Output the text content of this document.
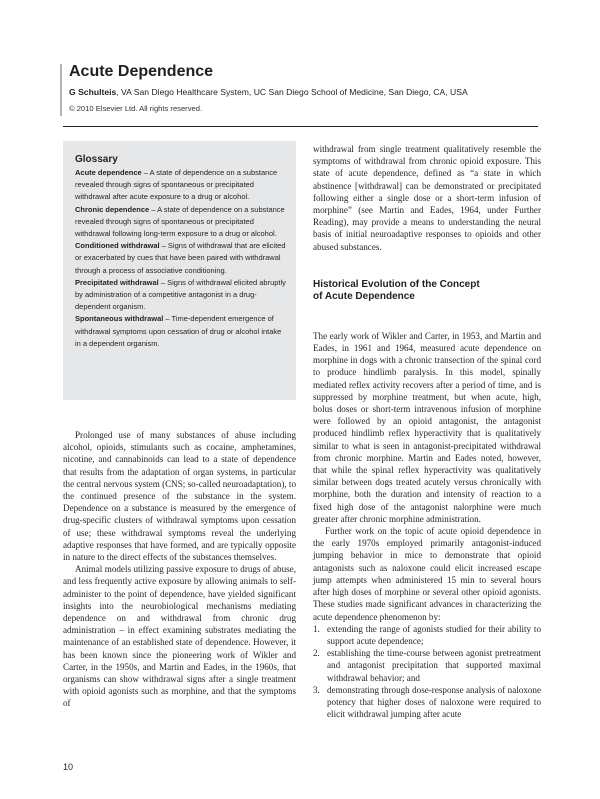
Acute Dependence
G Schulteis, VA San Diego Healthcare System, UC San Diego School of Medicine, San Diego, CA, USA
© 2010 Elsevier Ltd. All rights reserved.
Glossary

Acute dependence – A state of dependence on a substance revealed through signs of spontaneous or precipitated withdrawal after acute exposure to a drug or alcohol.

Chronic dependence – A state of dependence on a substance revealed through signs of spontaneous or precipitated withdrawal following long-term exposure to a drug or alcohol.

Conditioned withdrawal – Signs of withdrawal that are elicited or exacerbated by cues that have been paired with withdrawal through a process of associative conditioning.

Precipitated withdrawal – Signs of withdrawal elicited abruptly by administration of a competitive antagonist in a drug-dependent organism.

Spontaneous withdrawal – Time-dependent emergence of withdrawal symptoms upon cessation of drug or alcohol intake in a dependent organism.

Prolonged use of many substances of abuse including alcohol, opioids, stimulants such as cocaine, amphetamines, nicotine, and cannabinoids can lead to a state of dependence that results from the adaptation of organ systems, in particular the central nervous system (CNS; so-called neuroadaptation), to the continued presence of the substance in the system. Dependence on a substance is measured by the emergence of drug-specific clusters of withdrawal symptoms upon cessation of use; these withdrawal symptoms reveal the underlying adaptive responses that have formed, and are typically opposite in nature to the direct effects of the substances themselves.

Animal models utilizing passive exposure to drugs of abuse, and less frequently active exposure by allowing animals to self-administer to the point of dependence, have yielded significant insights into the neurobiological mechanisms mediating dependence on and withdrawal from chronic drug administration – in effect examining substrates mediating the maintenance of an established state of dependence. However, it has been known since the pioneering work of Wikler and Carter, in the 1950s, and Martin and Eades, in the 1960s, that organisms can show withdrawal signs after a single treatment with opioid agonists such as morphine, and that the symptoms of

withdrawal from single treatment qualitatively resemble the symptoms of withdrawal from chronic opioid exposure. This state of acute dependence, defined as “a state in which abstinence [withdrawal] can be demonstrated or precipitated following either a single dose or a short-term infusion of morphine” (see Martin and Eades, 1964, under Further Reading), may provide a means to understanding the neural basis of initial neuroadaptive responses to opioids and other abused substances.

Historical Evolution of the Concept
of Acute Dependence

The early work of Wikler and Carter, in 1953, and Martin and Eades, in 1961 and 1964, measured acute dependence on morphine in dogs with a chronic transection of the spinal cord to produce hindlimb paralysis. In this model, spinally mediated reflex activity recovers after a period of time, and is suppressed by morphine treatment, but when acute, high, bolus doses or short-term intravenous infusion of morphine were followed by an opioid antagonist, the antagonist produced hindlimb reflex hyperactivity that is qualitatively similar to what is seen in antagonist-precipitated withdrawal from chronic morphine. Martin and Eades noted, however, that while the spinal reflex hyperactivity was qualitatively similar between dogs treated acutely versus chronically with morphine, both the duration and intensity of reaction to a fixed high dose of the antagonist nalorphine were much greater after chronic morphine administration.

Further work on the topic of acute opioid dependence in the early 1970s employed primarily antagonist-induced jumping behavior in mice to demonstrate that opioid antagonists such as naloxone could elicit increased escape jump attempts when administered 15 min to several hours after high doses of morphine or several other opioid agonists. These studies made significant advances in characterizing the acute dependence phenomenon by:

1. extending the range of agonists studied for their ability to support acute dependence;
2. establishing the time-course between agonist pretreatment and antagonist precipitation that supported maximal withdrawal behavior; and
3. demonstrating through dose-response analysis of naloxone potency that higher doses of naloxone were required to elicit withdrawal jumping after acute
10
